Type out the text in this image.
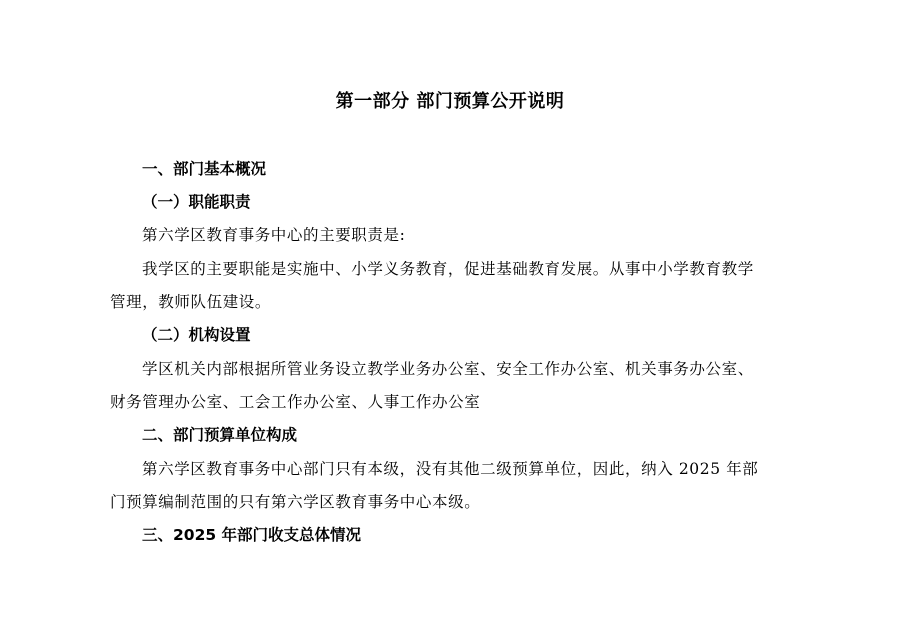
第一部分 部门预算公开说明
一、部门基本概况
（一）职能职责
第六学区教育事务中心的主要职责是:
我学区的主要职能是实施中、小学义务教育，促进基础教育发展。从事中小学教育教学
管理，教师队伍建设。
（二）机构设置
学区机关内部根据所管业务设立教学业务办公室、安全工作办公室、机关事务办公室、
财务管理办公室、工会工作办公室、人事工作办公室
二、部门预算单位构成
第六学区教育事务中心部门只有本级，没有其他二级预算单位，因此，纳入 2025 年部
门预算编制范围的只有第六学区教育事务中心本级。
三、2025 年部门收支总体情况
